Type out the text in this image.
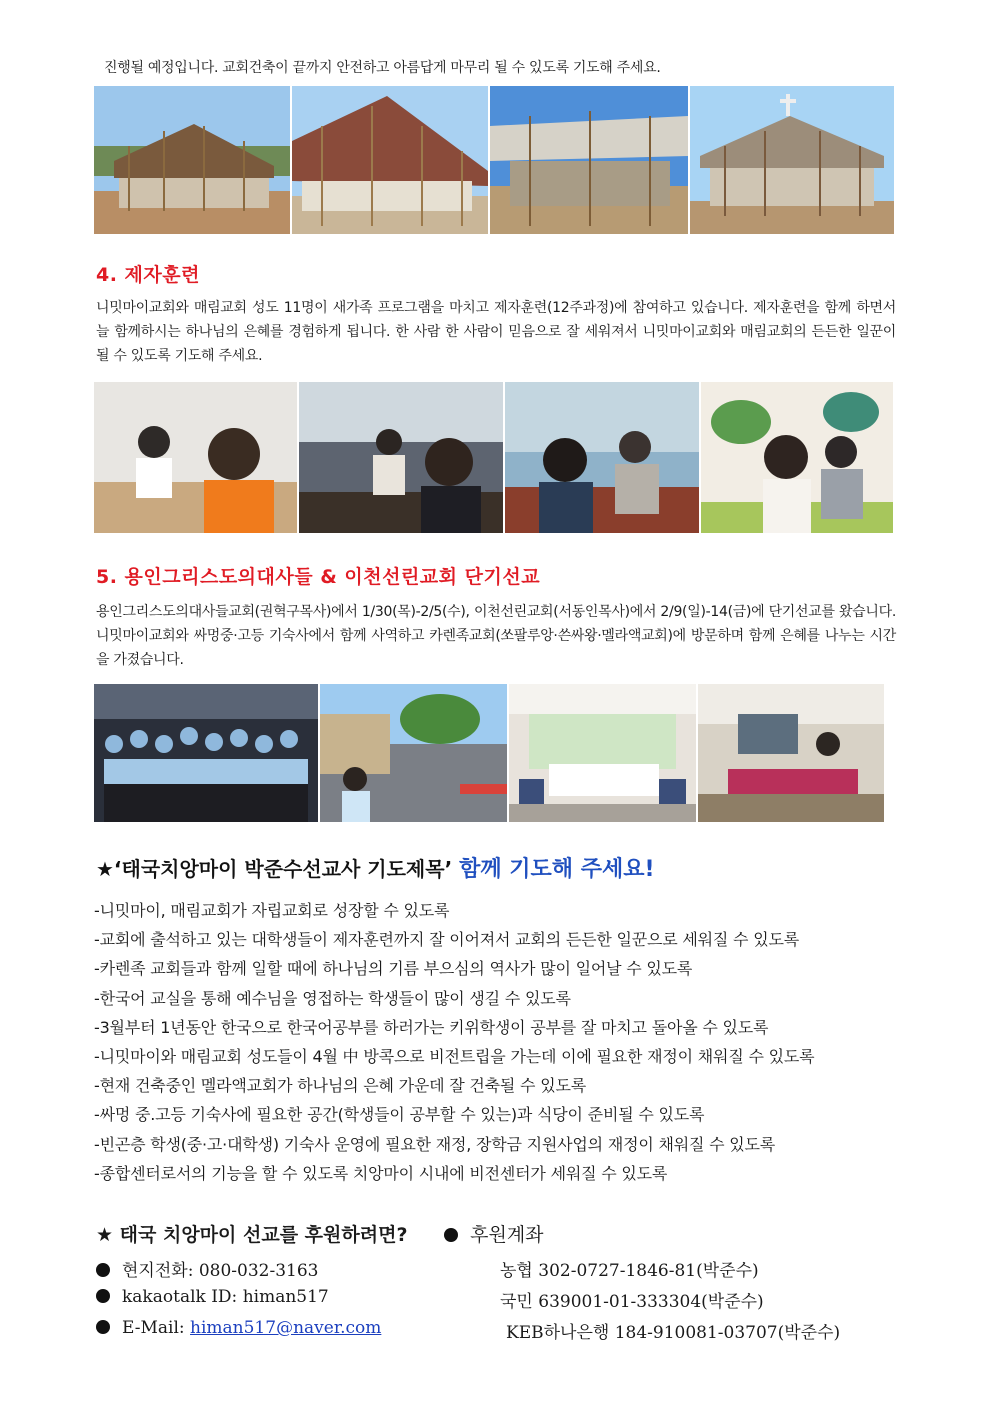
진행될 예정입니다. 교회건축이 끝까지 안전하고 아름답게 마무리 될 수 있도록 기도해 주세요.
4. 제자훈련
니밋마이교회와 매림교회 성도 11명이 새가족 프로그램을 마치고 제자훈련(12주과정)에 참여하고 있습니다. 제자훈련을 함께 하면서 늘 함께하시는 하나님의 은혜를 경험하게 됩니다. 한 사람 한 사람이 믿음으로 잘 세워져서 니밋마이교회와 매림교회의 든든한 일꾼이 될 수 있도록 기도해 주세요.
5. 용인그리스도의대사들 & 이천선린교회 단기선교
용인그리스도의대사들교회(권혁구목사)에서 1/30(목)-2/5(수), 이천선린교회(서동인목사)에서 2/9(일)-14(금)에 단기선교를 왔습니다. 니밋마이교회와 싸멍중·고등 기숙사에서 함께 사역하고 카렌족교회(쏘팔루앙·쓴싸왕·멜라액교회)에 방문하며 함께 은혜를 나누는 시간을 가졌습니다.
★‘태국치앙마이 박준수선교사 기도제목’ 함께 기도해 주세요!
-니밋마이, 매림교회가 자립교회로 성장할 수 있도록
-교회에 출석하고 있는 대학생들이 제자훈련까지 잘 이어져서 교회의 든든한 일꾼으로 세워질 수 있도록
-카렌족 교회들과 함께 일할 때에 하나님의 기름 부으심의 역사가 많이 일어날 수 있도록
-한국어 교실을 통해 예수님을 영접하는 학생들이 많이 생길 수 있도록
-3월부터 1년동안 한국으로 한국어공부를 하러가는 키위학생이 공부를 잘 마치고 돌아올 수 있도록
-니밋마이와 매림교회 성도들이 4월 中 방콕으로 비전트립을 가는데 이에 필요한 재정이 채워질 수 있도록
-현재 건축중인 멜라액교회가 하나님의 은혜 가운데 잘 건축될 수 있도록
-싸멍 중.고등 기숙사에 필요한 공간(학생들이 공부할 수 있는)과 식당이 준비될 수 있도록
-빈곤층 학생(중·고·대학생) 기숙사 운영에 필요한 재정, 장학금 지원사업의 재정이 채워질 수 있도록
-종합센터로서의 기능을 할 수 있도록 치앙마이 시내에 비전센터가 세워질 수 있도록
★ 태국 치앙마이 선교를 후원하려면?	후원계좌
현지전화: 080-032-3163	농협 302-0727-1846-81(박준수)
kakaotalk ID: himan517	국민 639001-01-333304(박준수)
E-Mail: himan517@naver.com	KEB하나은행 184-910081-03707(박준수)
